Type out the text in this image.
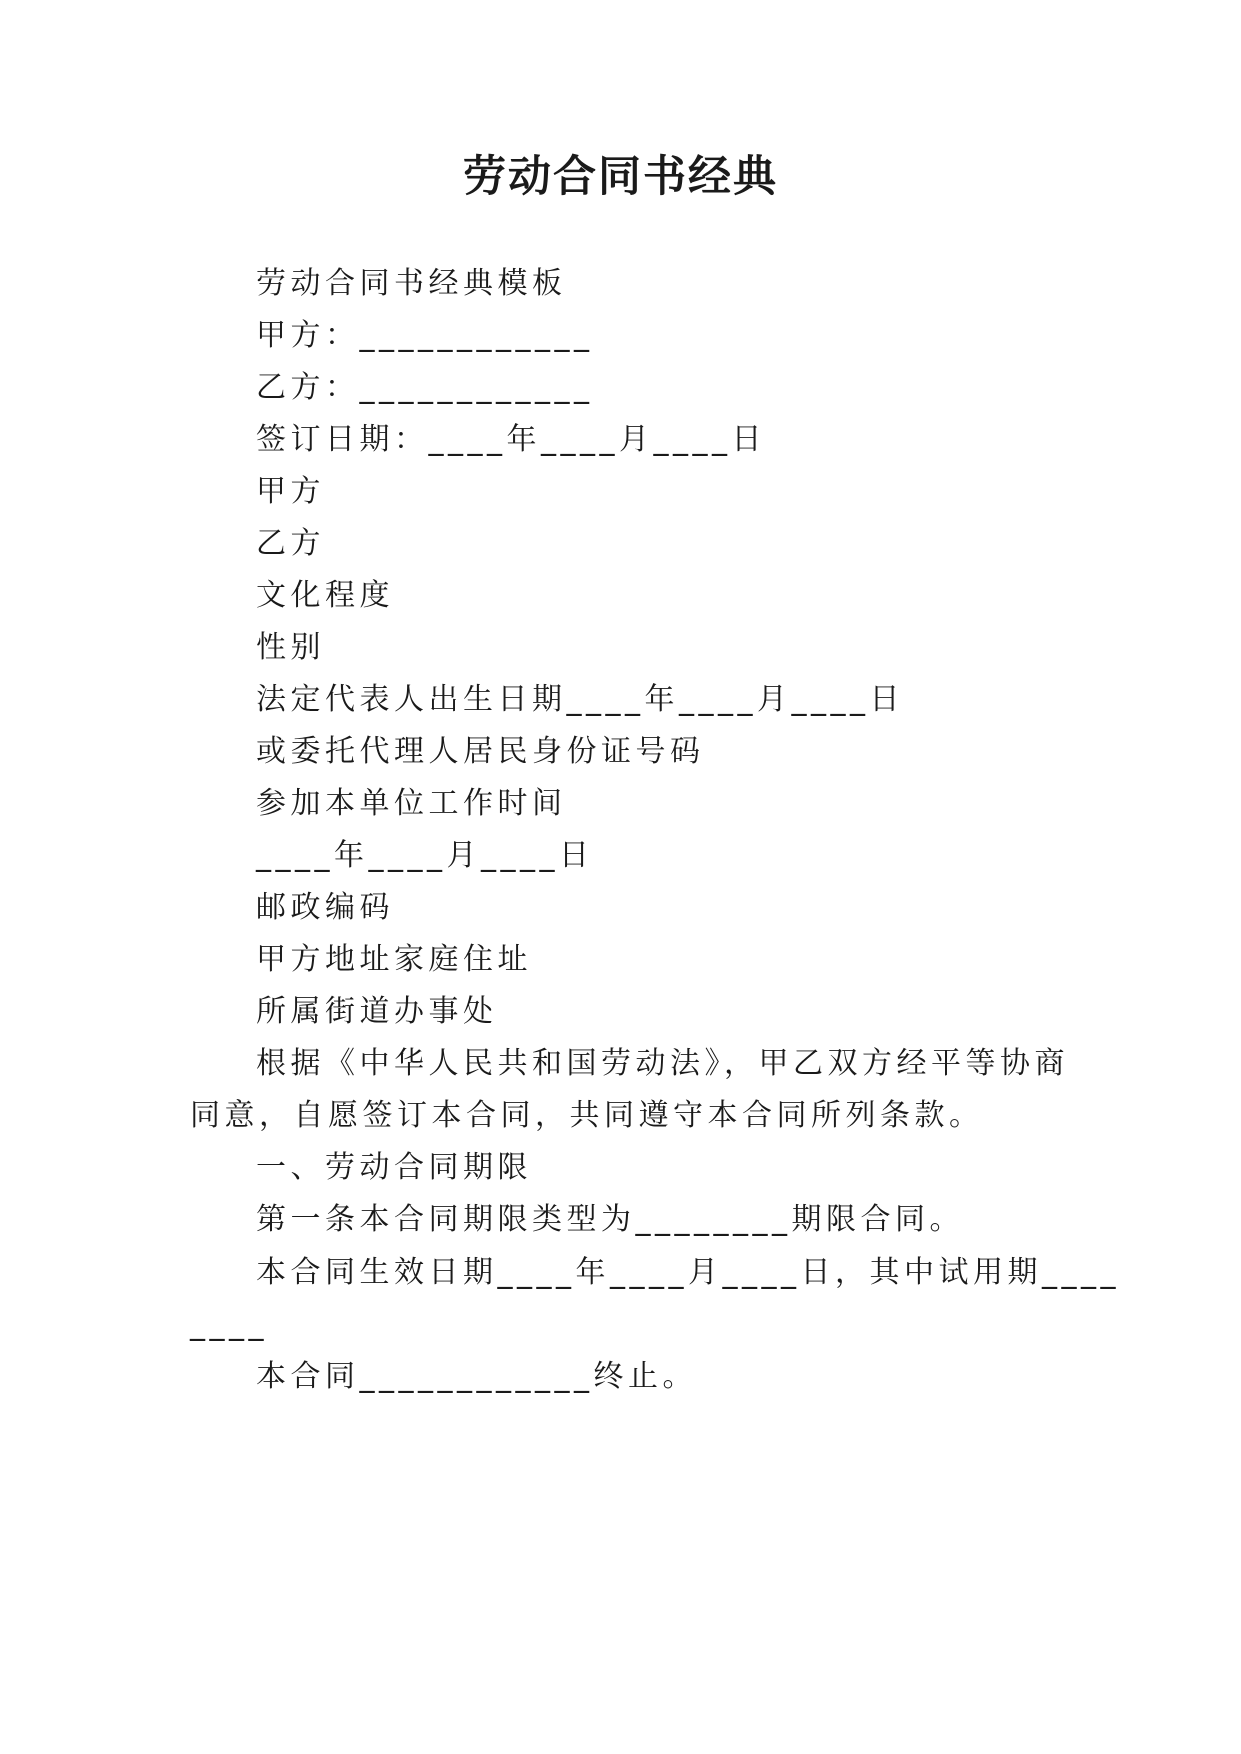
劳动合同书经典

劳动合同书经典模板

甲方：____________

乙方：____________

签订日期：____年____月____日

甲方

乙方

文化程度

性别

法定代表人出生日期____年____月____日

或委托代理人居民身份证号码

参加本单位工作时间

____年____月____日

邮政编码

甲方地址家庭住址

所属街道办事处

根据《中华人民共和国劳动法》，甲乙双方经平等协商

同意，自愿签订本合同，共同遵守本合同所列条款。

一、劳动合同期限

第一条本合同期限类型为________期限合同。

本合同生效日期____年____月____日，其中试用期____

____

本合同____________终止。
